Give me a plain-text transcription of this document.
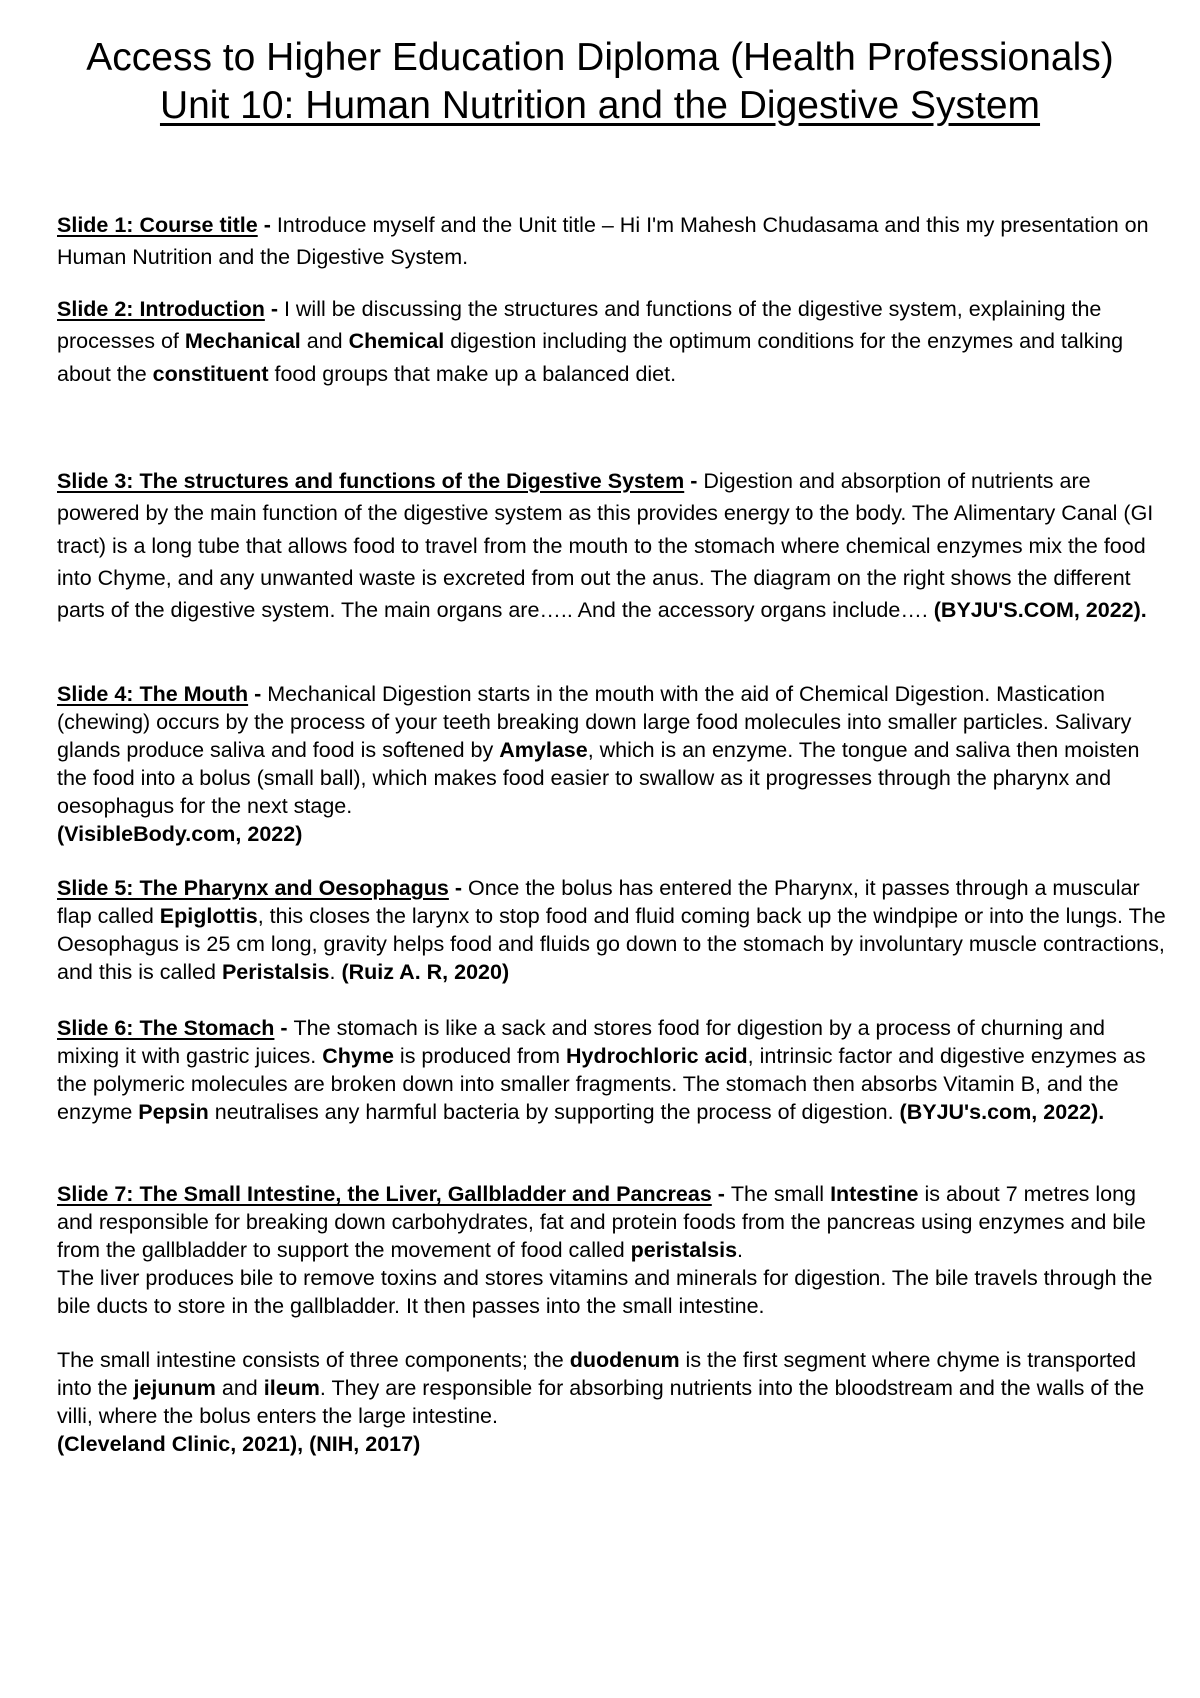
Access to Higher Education Diploma (Health Professionals)
Unit 10: Human Nutrition and the Digestive System

Slide 1: Course title - Introduce myself and the Unit title – Hi I'm Mahesh Chudasama and this my presentation on Human Nutrition and the Digestive System.

Slide 2: Introduction - I will be discussing the structures and functions of the digestive system, explaining the processes of Mechanical and Chemical digestion including the optimum conditions for the enzymes and talking about the constituent food groups that make up a balanced diet.

Slide 3: The structures and functions of the Digestive System - Digestion and absorption of nutrients are powered by the main function of the digestive system as this provides energy to the body. The Alimentary Canal (GI tract) is a long tube that allows food to travel from the mouth to the stomach where chemical enzymes mix the food into Chyme, and any unwanted waste is excreted from out the anus. The diagram on the right shows the different parts of the digestive system. The main organs are….. And the accessory organs include…. (BYJU'S.COM, 2022).

Slide 4: The Mouth - Mechanical Digestion starts in the mouth with the aid of Chemical Digestion. Mastication (chewing) occurs by the process of your teeth breaking down large food molecules into smaller particles. Salivary glands produce saliva and food is softened by Amylase, which is an enzyme. The tongue and saliva then moisten the food into a bolus (small ball), which makes food easier to swallow as it progresses through the pharynx and oesophagus for the next stage.
(VisibleBody.com, 2022)

Slide 5: The Pharynx and Oesophagus - Once the bolus has entered the Pharynx, it passes through a muscular flap called Epiglottis, this closes the larynx to stop food and fluid coming back up the windpipe or into the lungs. The Oesophagus is 25 cm long, gravity helps food and fluids go down to the stomach by involuntary muscle contractions, and this is called Peristalsis. (Ruiz A. R, 2020)

Slide 6: The Stomach - The stomach is like a sack and stores food for digestion by a process of churning and mixing it with gastric juices. Chyme is produced from Hydrochloric acid, intrinsic factor and digestive enzymes as the polymeric molecules are broken down into smaller fragments. The stomach then absorbs Vitamin B, and the enzyme Pepsin neutralises any harmful bacteria by supporting the process of digestion. (BYJU's.com, 2022).

Slide 7: The Small Intestine, the Liver, Gallbladder and Pancreas - The small Intestine is about 7 metres long and responsible for breaking down carbohydrates, fat and protein foods from the pancreas using enzymes and bile from the gallbladder to support the movement of food called peristalsis.
The liver produces bile to remove toxins and stores vitamins and minerals for digestion. The bile travels through the bile ducts to store in the gallbladder. It then passes into the small intestine.

The small intestine consists of three components; the duodenum is the first segment where chyme is transported into the jejunum and ileum. They are responsible for absorbing nutrients into the bloodstream and the walls of the villi, where the bolus enters the large intestine.
(Cleveland Clinic, 2021), (NIH, 2017)
